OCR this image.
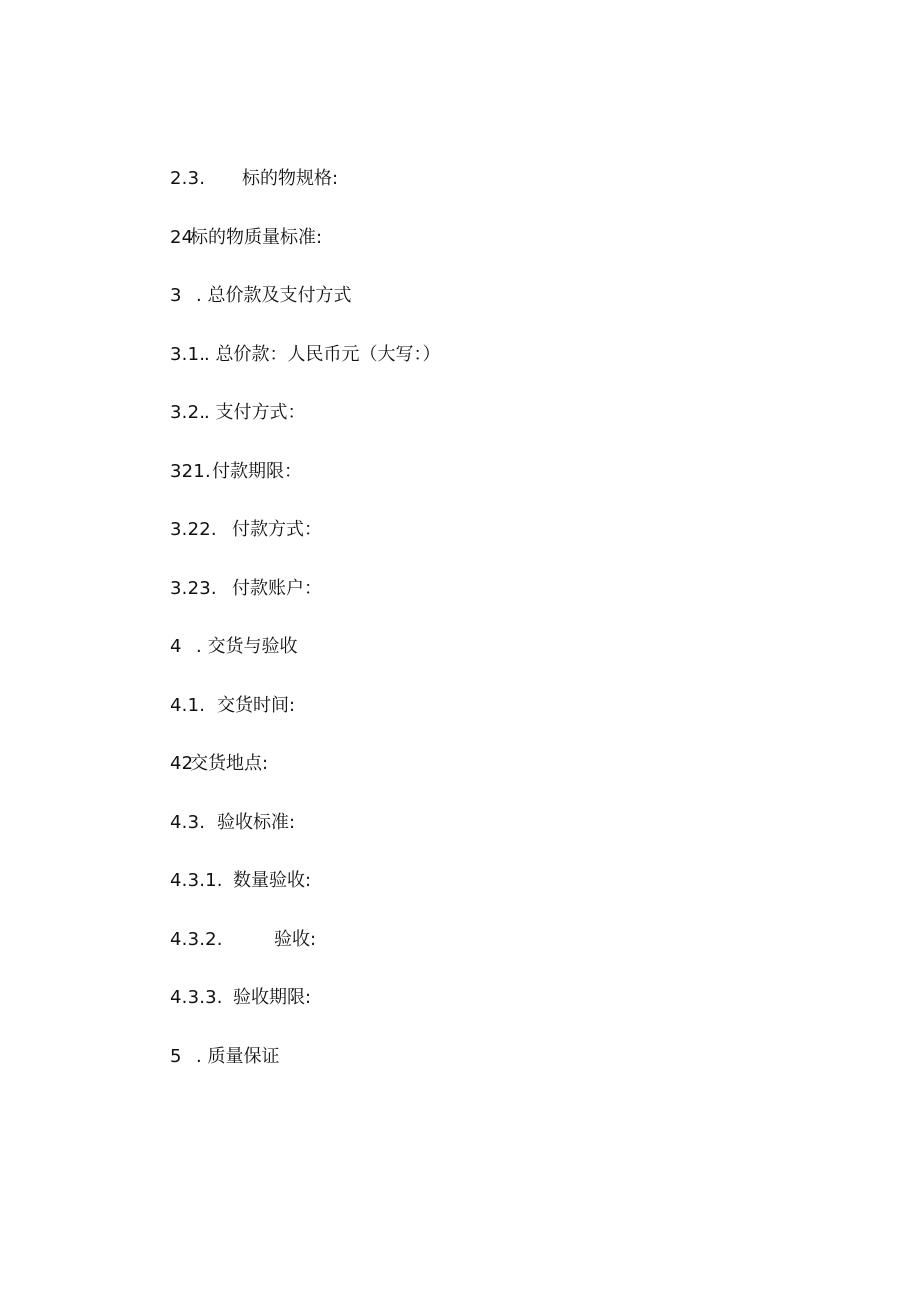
2.3.

标的物规格:

24

标的物质量标准:

3

. 总价款及支付方式

3.1.

. 总价款：人民币元（大写：）

3.2.

. 支付方式：

321.

付款期限：

3.22.

付款方式：

3.23.

付款账户：

4

. 交货与验收

4.1.

交货时间:

42

交货地点:

4.3.

验收标准:

4.3.1.

数量验收:

4.3.2.

	验收:

4.3.3.

验收期限:

5

. 质量保证
